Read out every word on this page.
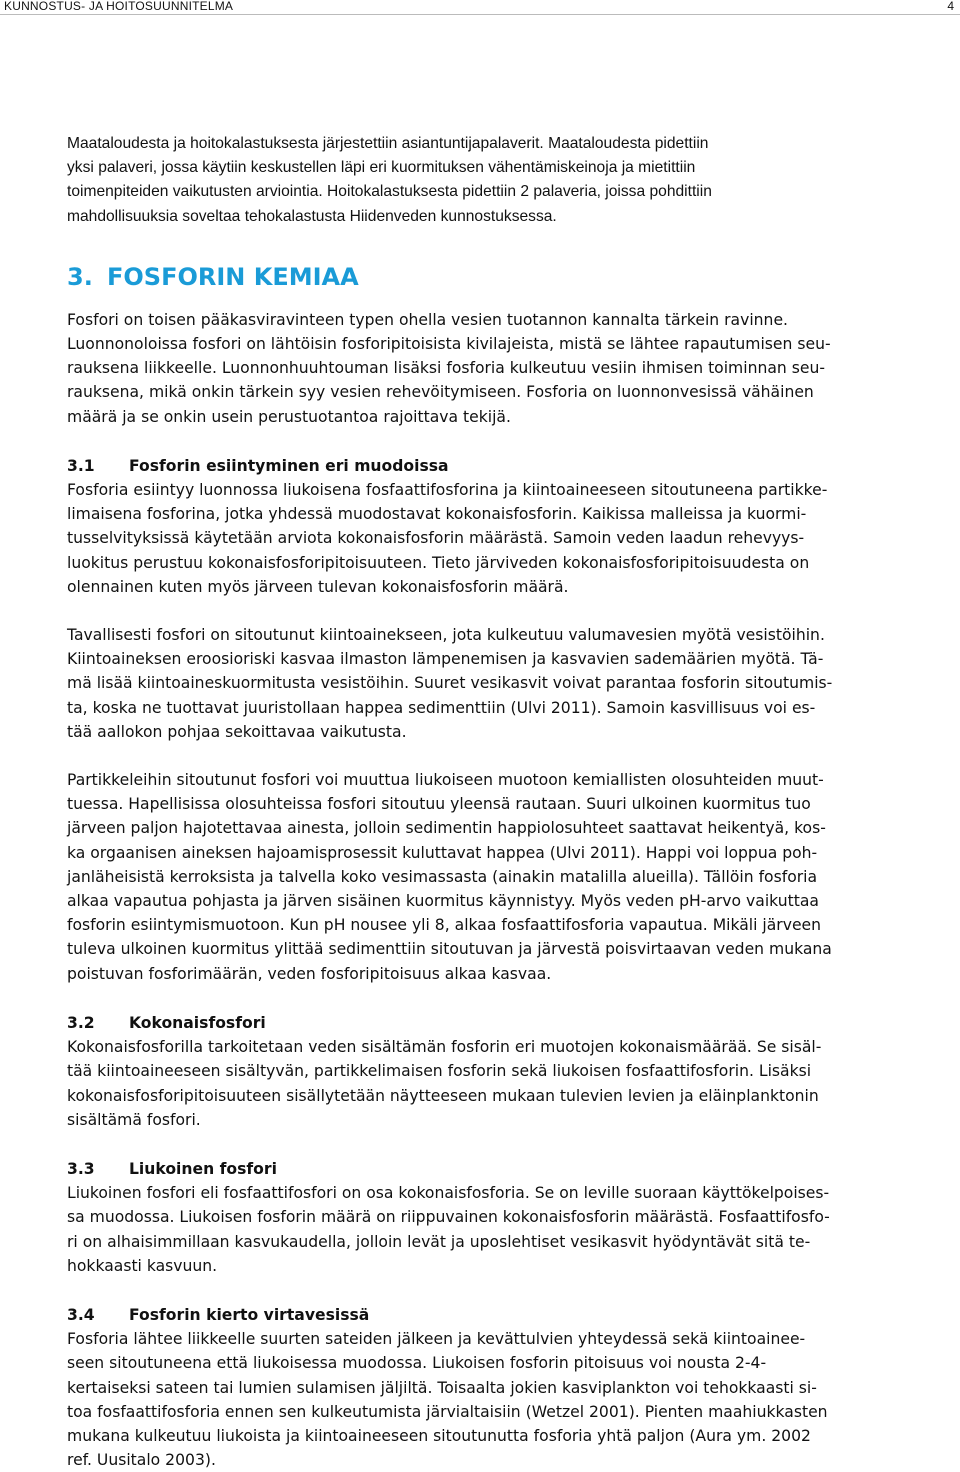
KUNNOSTUS- JA HOITOSUUNNITELMA	4
Maataloudesta ja hoitokalastuksesta järjestettiin asiantuntijapalaverit. Maataloudesta pidettiin
yksi palaveri, jossa käytiin keskustellen läpi eri kuormituksen vähentämiskeinoja ja mietittiin
toimenpiteiden vaikutusten arviointia. Hoitokalastuksesta pidettiin 2 palaveria, joissa pohdittiin
mahdollisuuksia soveltaa tehokalastusta Hiidenveden kunnostuksessa.
3. FOSFORIN KEMIAA
Fosfori on toisen pääkasviravinteen typen ohella vesien tuotannon kannalta tärkein ravinne.
Luonnonoloissa fosfori on lähtöisin fosforipitoisista kivilajeista, mistä se lähtee rapautumisen seu-
rauksena liikkeelle. Luonnonhuuhtouman lisäksi fosforia kulkeutuu vesiin ihmisen toiminnan seu-
rauksena, mikä onkin tärkein syy vesien rehevöitymiseen. Fosforia on luonnonvesissä vähäinen
määrä ja se onkin usein perustuotantoa rajoittava tekijä.
3.1 Fosforin esiintyminen eri muodoissa
Fosforia esiintyy luonnossa liukoisena fosfaattifosforina ja kiintoaineeseen sitoutuneena partikke-
limaisena fosforina, jotka yhdessä muodostavat kokonaisfosforin. Kaikissa malleissa ja kuormi-
tusselvityksissä käytetään arviota kokonaisfosforin määrästä. Samoin veden laadun rehevyys-
luokitus perustuu kokonaisfosforipitoisuuteen. Tieto järviveden kokonaisfosforipitoisuudesta on
olennainen kuten myös järveen tulevan kokonaisfosforin määrä.
Tavallisesti fosfori on sitoutunut kiintoainekseen, jota kulkeutuu valumavesien myötä vesistöihin.
Kiintoaineksen eroosioriski kasvaa ilmaston lämpenemisen ja kasvavien sademäärien myötä. Tä-
mä lisää kiintoaineskuormitusta vesistöihin. Suuret vesikasvit voivat parantaa fosforin sitoutumis-
ta, koska ne tuottavat juuristollaan happea sedimenttiin (Ulvi 2011). Samoin kasvillisuus voi es-
tää aallokon pohjaa sekoittavaa vaikutusta.
Partikkeleihin sitoutunut fosfori voi muuttua liukoiseen muotoon kemiallisten olosuhteiden muut-
tuessa. Hapellisissa olosuhteissa fosfori sitoutuu yleensä rautaan. Suuri ulkoinen kuormitus tuo
järveen paljon hajotettavaa ainesta, jolloin sedimentin happiolosuhteet saattavat heikentyä, kos-
ka orgaanisen aineksen hajoamisprosessit kuluttavat happea (Ulvi 2011). Happi voi loppua poh-
janläheisistä kerroksista ja talvella koko vesimassasta (ainakin matalilla alueilla). Tällöin fosforia
alkaa vapautua pohjasta ja järven sisäinen kuormitus käynnistyy. Myös veden pH-arvo vaikuttaa
fosforin esiintymismuotoon. Kun pH nousee yli 8, alkaa fosfaattifosforia vapautua. Mikäli järveen
tuleva ulkoinen kuormitus ylittää sedimenttiin sitoutuvan ja järvestä poisvirtaavan veden mukana
poistuvan fosforimäärän, veden fosforipitoisuus alkaa kasvaa.
3.2 Kokonaisfosfori
Kokonaisfosforilla tarkoitetaan veden sisältämän fosforin eri muotojen kokonaismäärää. Se sisäl-
tää kiintoaineeseen sisältyvän, partikkelimaisen fosforin sekä liukoisen fosfaattifosforin. Lisäksi
kokonaisfosforipitoisuuteen sisällytetään näytteeseen mukaan tulevien levien ja eläinplanktonin
sisältämä fosfori.
3.3 Liukoinen fosfori
Liukoinen fosfori eli fosfaattifosfori on osa kokonaisfosforia. Se on leville suoraan käyttökelpoises-
sa muodossa. Liukoisen fosforin määrä on riippuvainen kokonaisfosforin määrästä. Fosfaattifosfo-
ri on alhaisimmillaan kasvukaudella, jolloin levät ja uposlehtiset vesikasvit hyödyntävät sitä te-
hokkaasti kasvuun.
3.4 Fosforin kierto virtavesissä
Fosforia lähtee liikkeelle suurten sateiden jälkeen ja kevättulvien yhteydessä sekä kiintoainee-
seen sitoutuneena että liukoisessa muodossa. Liukoisen fosforin pitoisuus voi nousta 2-4-
kertaiseksi sateen tai lumien sulamisen jäljiltä. Toisaalta jokien kasviplankton voi tehokkaasti si-
toa fosfaattifosforia ennen sen kulkeutumista järvialtaisiin (Wetzel 2001). Pienten maahiukkasten
mukana kulkeutuu liukoista ja kiintoaineeseen sitoutunutta fosforia yhtä paljon (Aura ym. 2002
ref. Uusitalo 2003).
